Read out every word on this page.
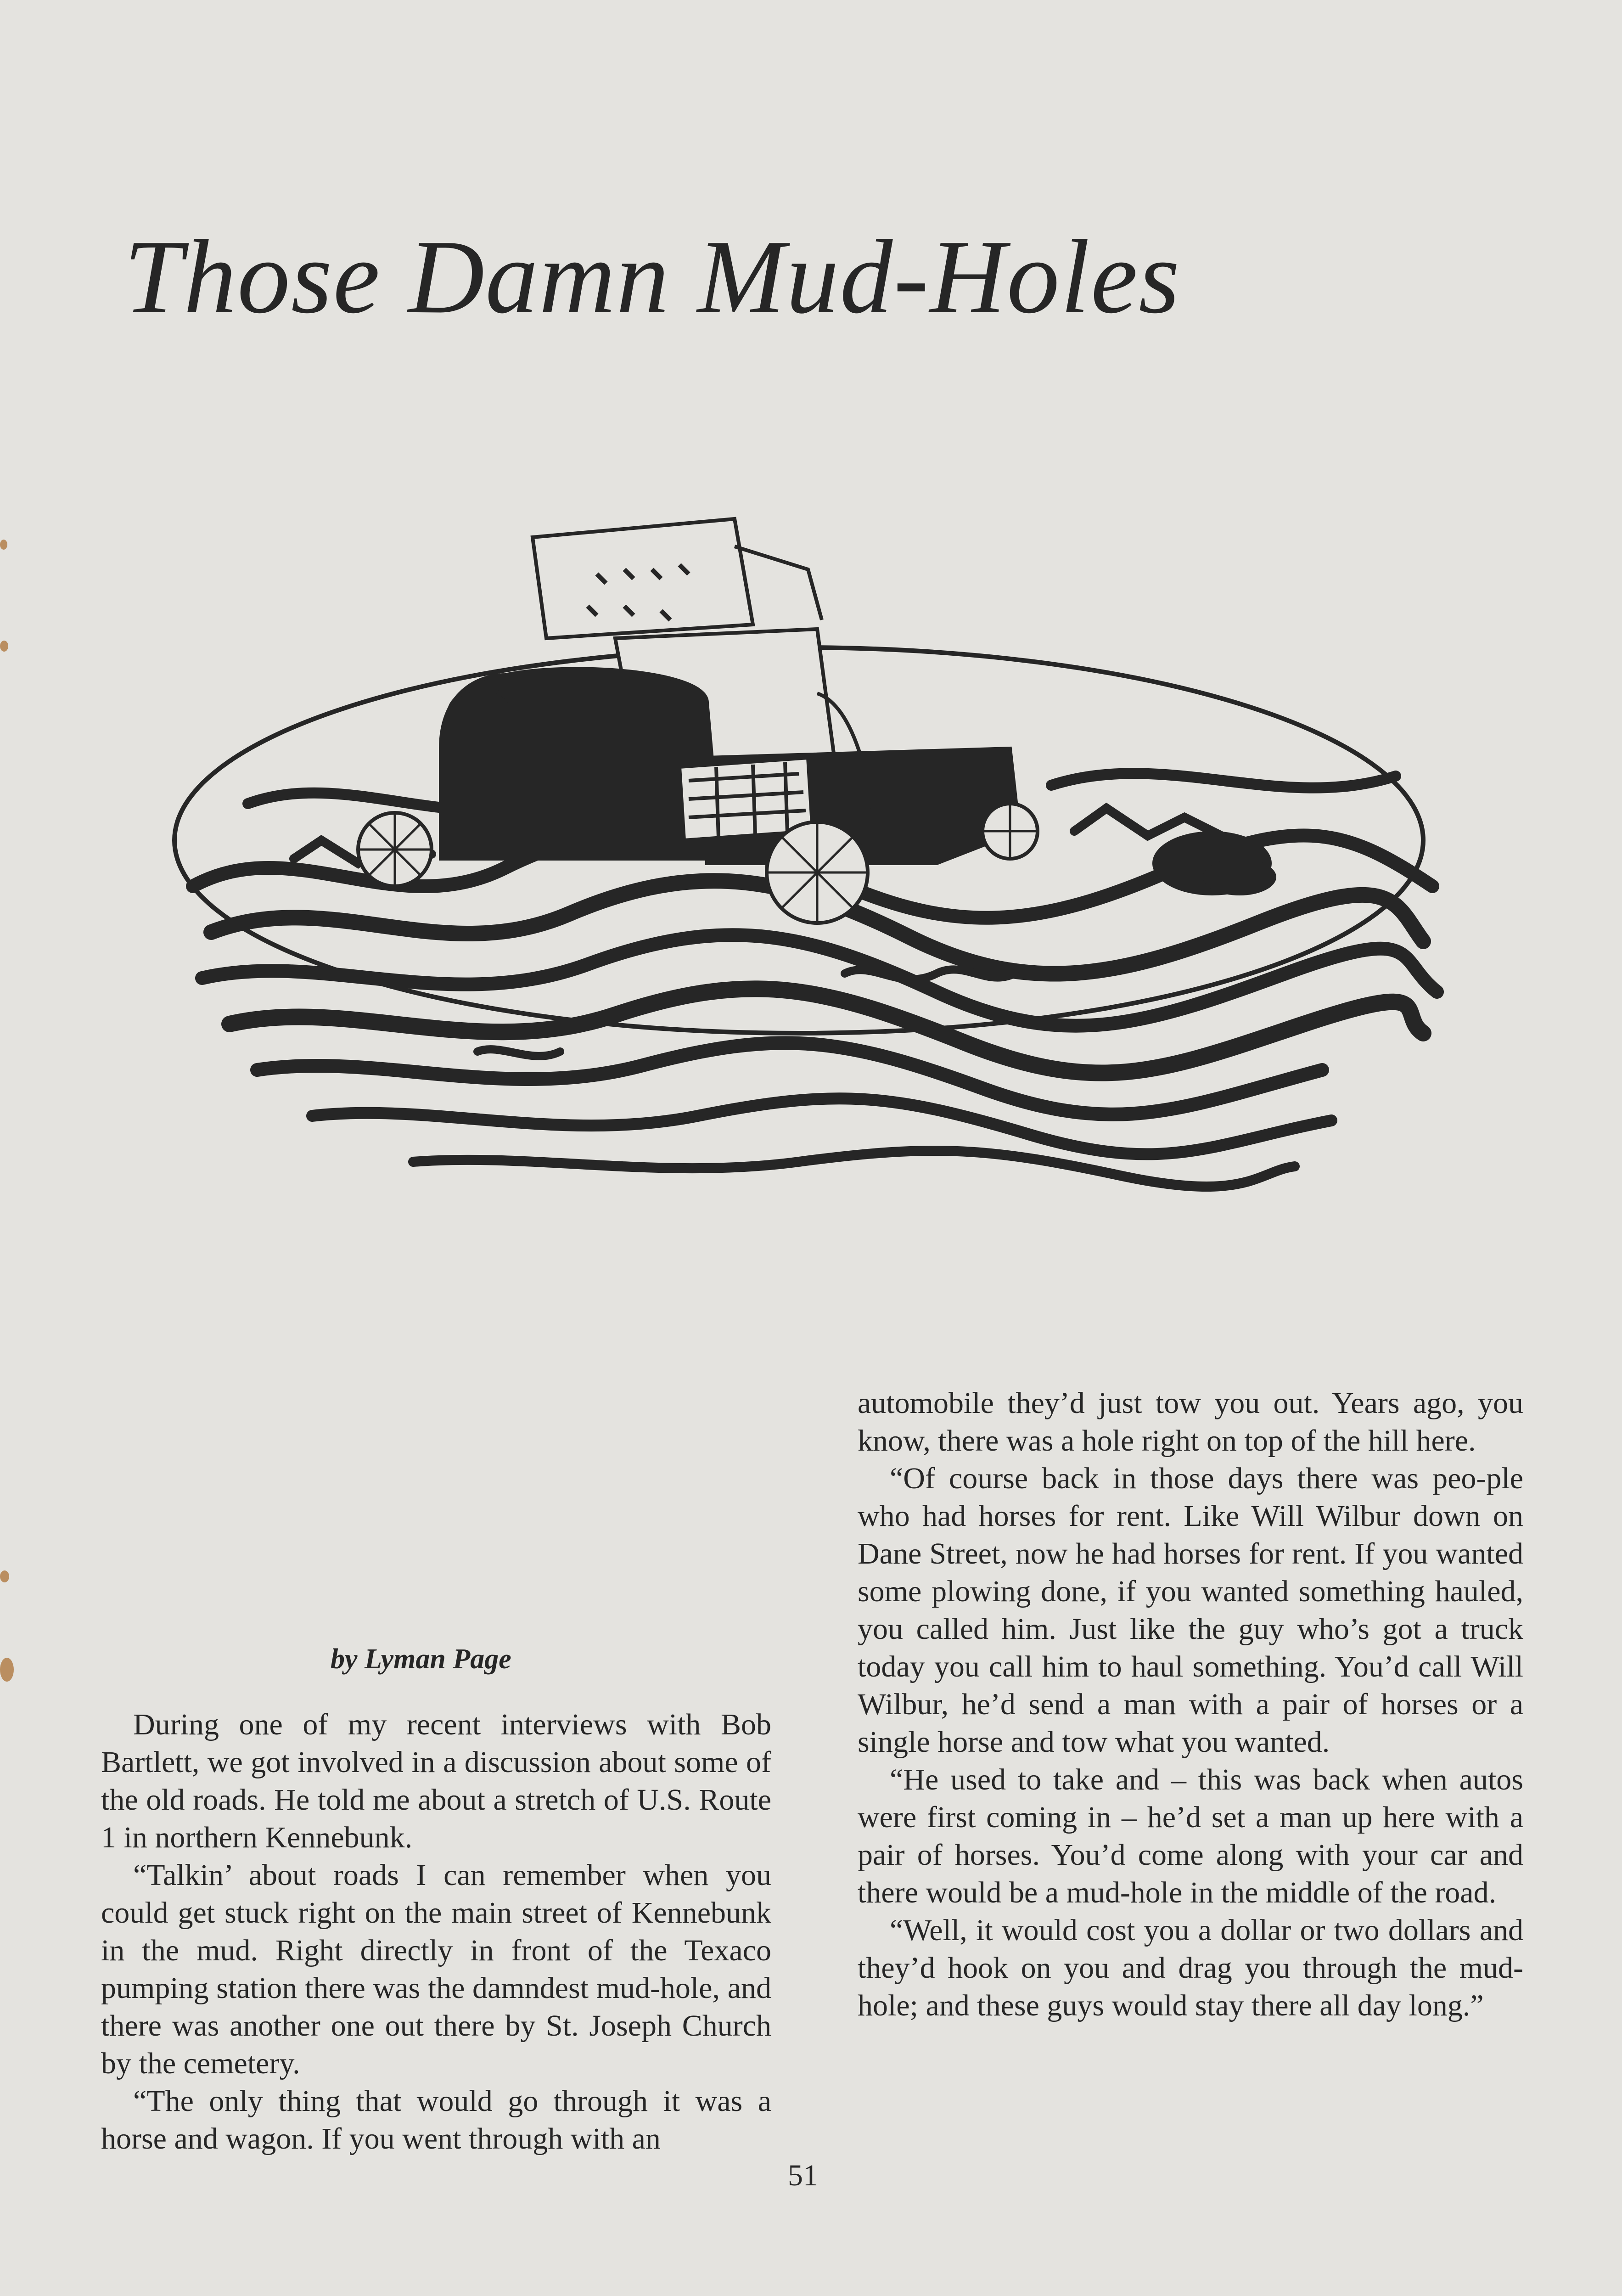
Those Damn Mud-Holes
by Lyman Page

During one of my recent interviews with Bob Bartlett, we got involved in a discussion about some of the old roads. He told me about a stretch of U.S. Route 1 in northern Kennebunk.

“Talkin’ about roads I can remember when you could get stuck right on the main street of Kennebunk in the mud. Right directly in front of the Texaco pumping station there was the damndest mud-hole, and there was another one out there by St. Joseph Church by the cemetery.

“The only thing that would go through it was a horse and wagon. If you went through with an

automobile they’d just tow you out. Years ago, you know, there was a hole right on top of the hill here.

“Of course back in those days there was peo-ple who had horses for rent. Like Will Wilbur down on Dane Street, now he had horses for rent. If you wanted some plowing done, if you wanted something hauled, you called him. Just like the guy who’s got a truck today you call him to haul something. You’d call Will Wilbur, he’d send a man with a pair of horses or a single horse and tow what you wanted.

“He used to take and – this was back when autos were first coming in – he’d set a man up here with a pair of horses. You’d come along with your car and there would be a mud-hole in the middle of the road.

“Well, it would cost you a dollar or two dollars and they’d hook on you and drag you through the mud-hole; and these guys would stay there all day long.”

51
